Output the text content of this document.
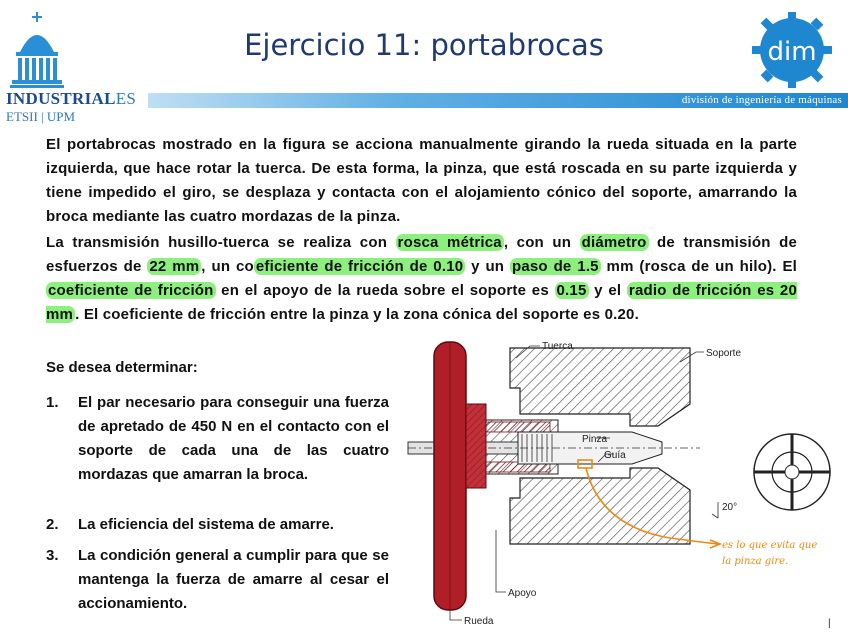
INDUSTRIALES
ETSII | UPM
división de ingeniería de máquinas
Ejercicio 11: portabrocas	dim
El portabrocas mostrado en la figura se acciona manualmente girando la rueda situada en la parte izquierda, que hace rotar la tuerca. De esta forma, la pinza, que está roscada en su parte izquierda y tiene impedido el giro, se desplaza y contacta con el alojamiento cónico del soporte, amarrando la broca mediante las cuatro mordazas de la pinza.
La transmisión husillo-tuerca se realiza con rosca métrica , con un diámetro de transmisión de esfuerzos de 22 mm , un co eficiente de fricción de 0.10 y un paso de 1.5 mm (rosca de un hilo). El coeficiente de fricción en el apoyo de la rueda sobre el soporte es 0.15 y el radio de fricción es 20 mm . El coeficiente de fricción entre la pinza y la zona cónica del soporte es 0.20.
Se desea determinar:
1. El par necesario para conseguir una fuerza de apretado de 450 N en el contacto con el soporte de cada una de las cuatro mordazas que amarran la broca.
2. La eficiencia del sistema de amarre.
3. La condición general a cumplir para que se mantenga la fuerza de amarre al cesar el accionamiento.
Tuerca
Soporte
Pinza
Guía
20°
Apoyo
Rueda
es lo que evita que
la pinza gire.
|
